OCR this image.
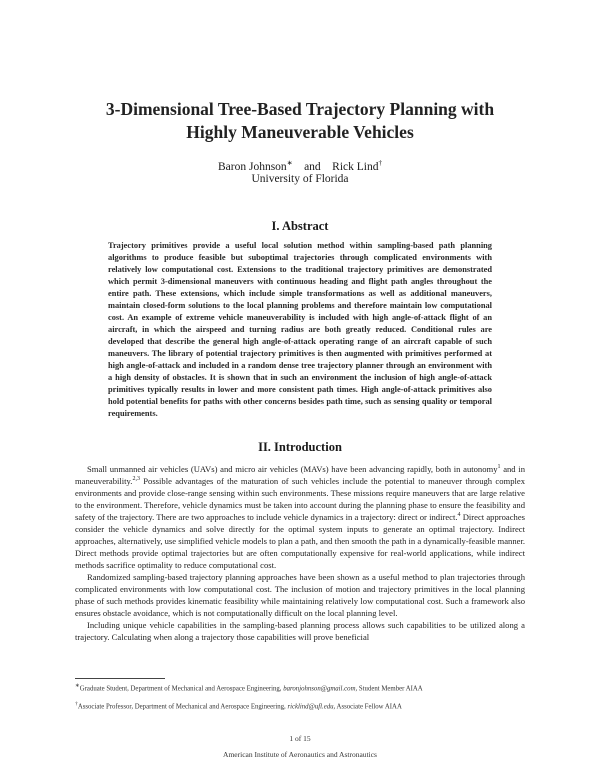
3-Dimensional Tree-Based Trajectory Planning with
Highly Maneuverable Vehicles
Baron Johnson∗ and Rick Lind†
University of Florida
I. Abstract
Trajectory primitives provide a useful local solution method within sampling-based path planning algorithms to produce feasible but suboptimal trajectories through complicated environments with relatively low computational cost. Extensions to the traditional trajectory primitives are demonstrated which permit 3-dimensional maneuvers with continuous heading and flight path angles throughout the entire path. These extensions, which include simple transformations as well as additional maneuvers, maintain closed-form solutions to the local planning problems and therefore maintain low computational cost. An example of extreme vehicle maneuverability is included with high angle-of-attack flight of an aircraft, in which the airspeed and turning radius are both greatly reduced. Conditional rules are developed that describe the general high angle-of-attack operating range of an aircraft capable of such maneuvers. The library of potential trajectory primitives is then augmented with primitives performed at high angle-of-attack and included in a random dense tree trajectory planner through an environment with a high density of obstacles. It is shown that in such an environment the inclusion of high angle-of-attack primitives typically results in lower and more consistent path times. High angle-of-attack primitives also hold potential benefits for paths with other concerns besides path time, such as sensing quality or temporal requirements.
II. Introduction

Small unmanned air vehicles (UAVs) and micro air vehicles (MAVs) have been advancing rapidly, both in autonomy$^1$ and in maneuverability.$^{2,3}$ Possible advantages of the maturation of such vehicles include the potential to maneuver through complex environments and provide close-range sensing within such environments. These missions require maneuvers that are large relative to the environment. Therefore, vehicle dynamics must be taken into account during the planning phase to ensure the feasibility and safety of the trajectory. There are two approaches to include vehicle dynamics in a trajectory: direct or indirect.$^4$ Direct approaches consider the vehicle dynamics and solve directly for the optimal system inputs to generate an optimal trajectory. Indirect approaches, alternatively, use simplified vehicle models to plan a path, and then smooth the path in a dynamically-feasible manner. Direct methods provide optimal trajectories but are often computationally expensive for real-world applications, while indirect methods sacrifice optimality to reduce computational cost.

Randomized sampling-based trajectory planning approaches have been shown as a useful method to plan trajectories through complicated environments with low computational cost. The inclusion of motion and trajectory primitives in the local planning phase of such methods provides kinematic feasibility while maintaining relatively low computational cost. Such a framework also ensures obstacle avoidance, which is not computationally difficult on the local planning level.

Including unique vehicle capabilities in the sampling-based planning process allows such capabilities to be utilized along a trajectory. Calculating when along a trajectory those capabilities will prove beneficial

∗Graduate Student, Department of Mechanical and Aerospace Engineering, baronjohnson@gmail.com, Student Member AIAA
†Associate Professor, Department of Mechanical and Aerospace Engineering, ricklind@ufl.edu, Associate Fellow AIAA
1 of 15
American Institute of Aeronautics and Astronautics
